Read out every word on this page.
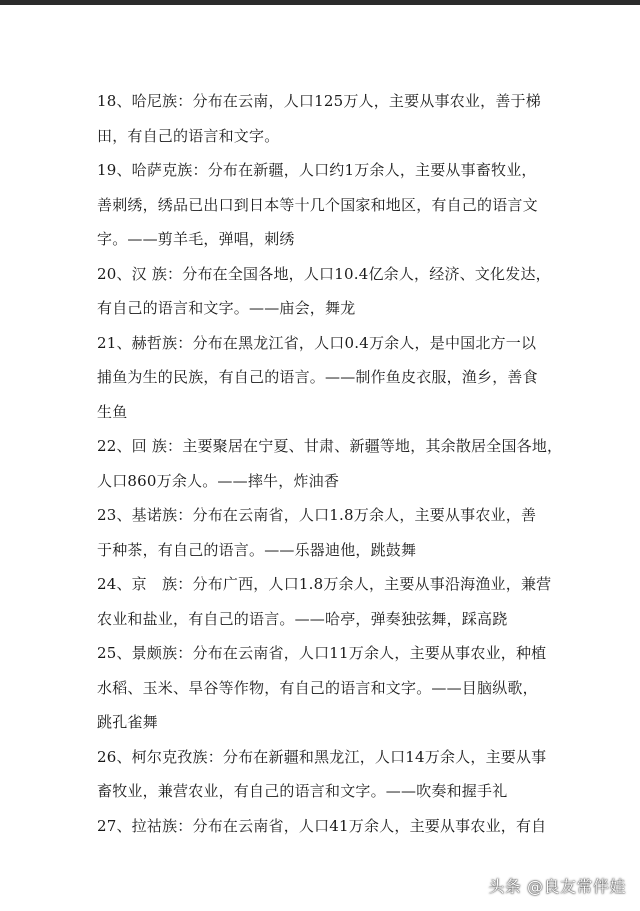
18、哈尼族：分布在云南，人口125万人，主要从事农业，善于梯
田，有自己的语言和文字。
19、哈萨克族：分布在新疆，人口约1万余人，主要从事畜牧业，
善刺绣，绣品已出口到日本等十几个国家和地区，有自己的语言文
字。——剪羊毛，弹唱，刺绣
20、汉 族：分布在全国各地，人口10.4亿余人，经济、文化发达，
有自己的语言和文字。——庙会，舞龙
21、赫哲族：分布在黑龙江省，人口0.4万余人，是中国北方一以
捕鱼为生的民族，有自己的语言。——制作鱼皮衣服，渔乡，善食
生鱼
22、回 族：主要聚居在宁夏、甘肃、新疆等地，其余散居全国各地，
人口860万余人。——摔牛，炸油香
23、基诺族：分布在云南省，人口1.8万余人，主要从事农业，善
于种茶，有自己的语言。——乐器迪他，跳鼓舞
24、京　族：分布广西，人口1.8万余人，主要从事沿海渔业，兼营
农业和盐业，有自己的语言。——哈亭，弹奏独弦舞，踩高跷
25、景颇族：分布在云南省，人口11万余人，主要从事农业，种植
水稻、玉米、旱谷等作物，有自己的语言和文字。——目脑纵歌，
跳孔雀舞
26、柯尔克孜族：分布在新疆和黑龙江，人口14万余人，主要从事
畜牧业，兼营农业，有自己的语言和文字。——吹奏和握手礼
27、拉祜族：分布在云南省，人口41万余人，主要从事农业，有自
头条 @良友常伴娃
